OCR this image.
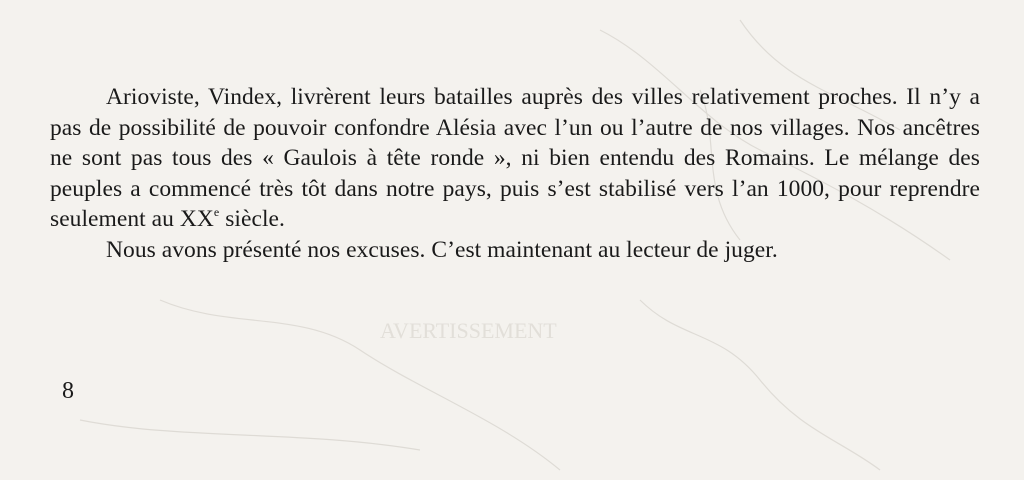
AVERTISSEMENT

Arioviste, Vindex, livrèrent leurs batailles auprès des villes relativement proches. Il n’y a pas de possibilité de pouvoir confondre Alésia avec l’un ou l’autre de nos villages. Nos ancêtres ne sont pas tous des « Gaulois à tête ronde », ni bien entendu des Romains. Le mélange des peuples a commencé très tôt dans notre pays, puis s’est stabilisé vers l’an 1000, pour reprendre seulement au XXe siècle.

Nous avons présenté nos excuses. C’est maintenant au lecteur de juger.

8
